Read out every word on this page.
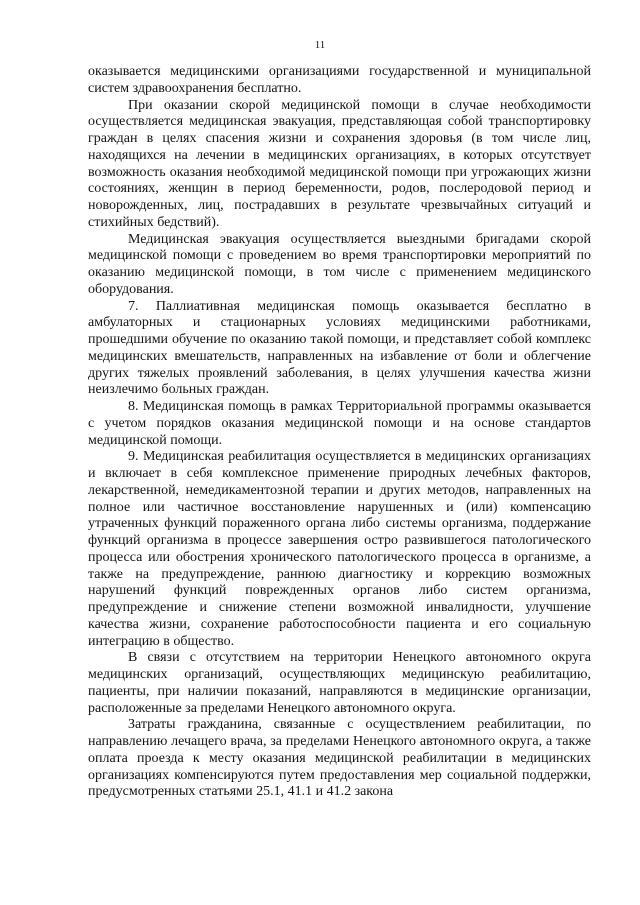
11

оказывается медицинскими организациями государственной и муниципальной систем здравоохранения бесплатно.

При оказании скорой медицинской помощи в случае необходимости осуществляется медицинская эвакуация, представляющая собой транспортировку граждан в целях спасения жизни и сохранения здоровья (в том числе лиц, находящихся на лечении в медицинских организациях, в которых отсутствует возможность оказания необходимой медицинской помощи при угрожающих жизни состояниях, женщин в период беременности, родов, послеродовой период и новорожденных, лиц, пострадавших в результате чрезвычайных ситуаций и стихийных бедствий).

Медицинская эвакуация осуществляется выездными бригадами скорой медицинской помощи с проведением во время транспортировки мероприятий по оказанию медицинской помощи, в том числе с применением медицинского оборудования.

7. Паллиативная медицинская помощь оказывается бесплатно в амбулаторных и стационарных условиях медицинскими работниками, прошедшими обучение по оказанию такой помощи, и представляет собой комплекс медицинских вмешательств, направленных на избавление от боли и облегчение других тяжелых проявлений заболевания, в целях улучшения качества жизни неизлечимо больных граждан.

8. Медицинская помощь в рамках Территориальной программы оказывается с учетом порядков оказания медицинской помощи и на основе стандартов медицинской помощи.

9. Медицинская реабилитация осуществляется в медицинских организациях и включает в себя комплексное применение природных лечебных факторов, лекарственной, немедикаментозной терапии и других методов, направленных на полное или частичное восстановление нарушенных и (или) компенсацию утраченных функций пораженного органа либо системы организма, поддержание функций организма в процессе завершения остро развившегося патологического процесса или обострения хронического патологического процесса в организме, а также на предупреждение, раннюю диагностику и коррекцию возможных нарушений функций поврежденных органов либо систем организма, предупреждение и снижение степени возможной инвалидности, улучшение качества жизни, сохранение работоспособности пациента и его социальную интеграцию в общество.

В связи с отсутствием на территории Ненецкого автономного округа медицинских организаций, осуществляющих медицинскую реабилитацию, пациенты, при наличии показаний, направляются в медицинские организации, расположенные за пределами Ненецкого автономного округа.

Затраты гражданина, связанные с осуществлением реабилитации, по направлению лечащего врача, за пределами Ненецкого автономного округа, а также оплата проезда к месту оказания медицинской реабилитации в медицинских организациях компенсируются путем предоставления мер социальной поддержки, предусмотренных статьями 25.1, 41.1 и 41.2 закона
